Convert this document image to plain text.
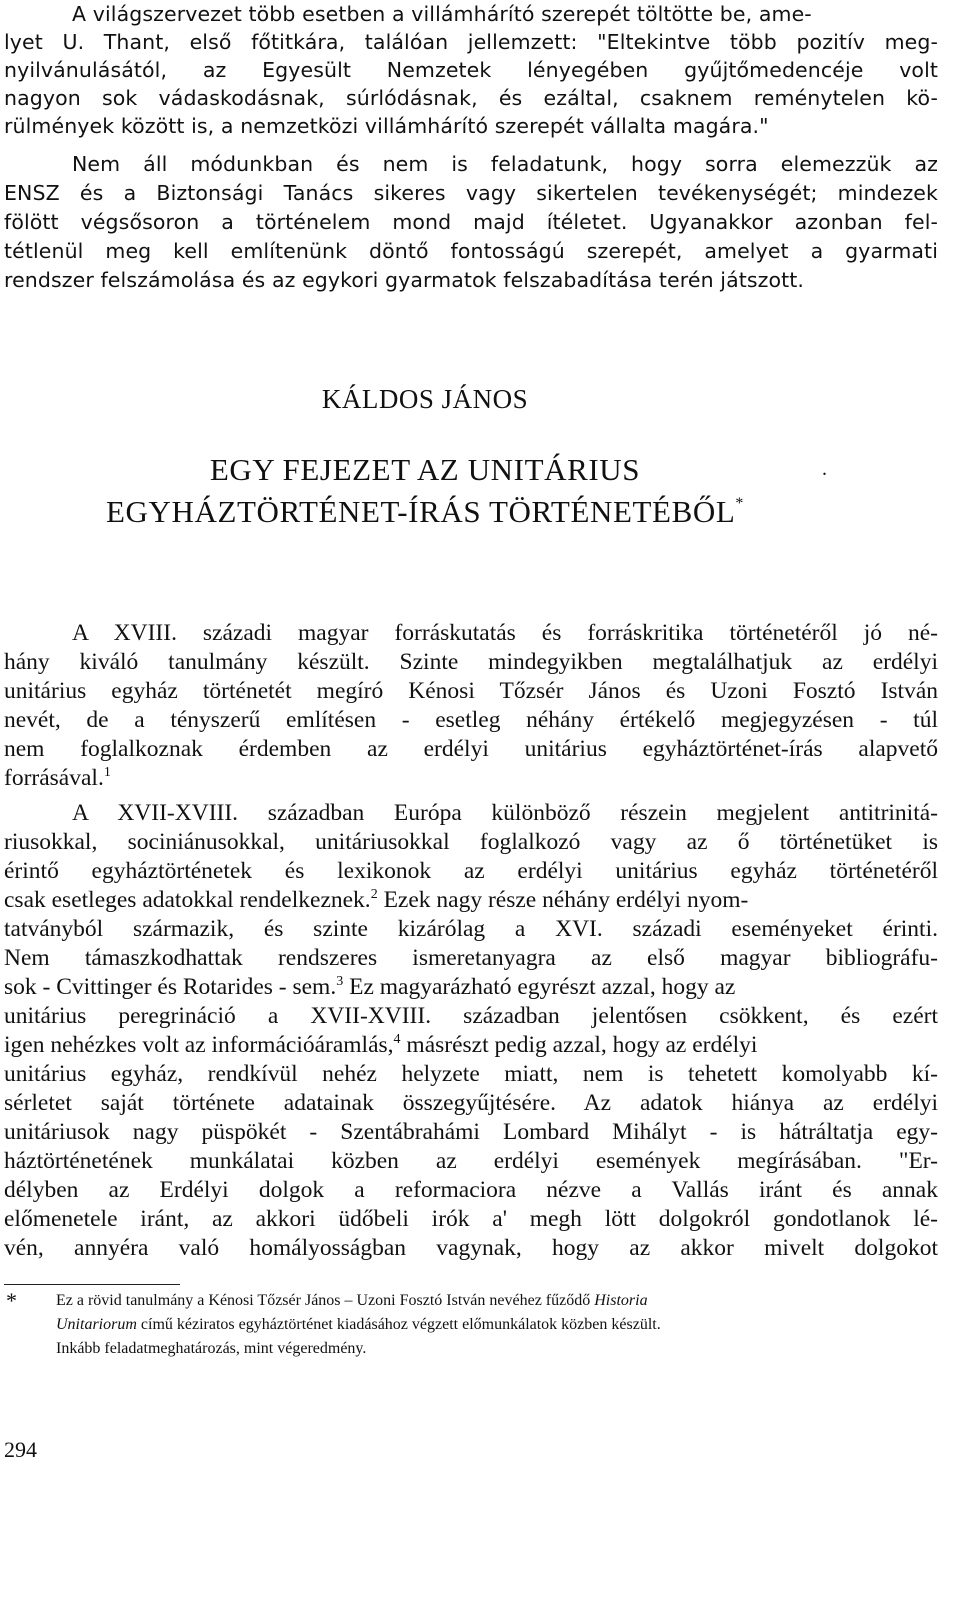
A világszervezet több esetben a villámhárító szerepét töltötte be, ame-
lyet U. Thant, első főtitkára, találóan jellemzett: "Eltekintve több pozitív meg-
nyilvánulásától, az Egyesült Nemzetek lényegében gyűjtőmedencéje volt
nagyon sok vádaskodásnak, súrlódásnak, és ezáltal, csaknem reménytelen kö-
rülmények között is, a nemzetközi villámhárító szerepét vállalta magára."
Nem áll módunkban és nem is feladatunk, hogy sorra elemezzük az
ENSZ és a Biztonsági Tanács sikeres vagy sikertelen tevékenységét; mindezek
fölött végsősoron a történelem mond majd ítéletet. Ugyanakkor azonban fel-
tétlenül meg kell említenünk döntő fontosságú szerepét, amelyet a gyarmati
rendszer felszámolása és az egykori gyarmatok felszabadítása terén játszott.
KÁLDOS JÁNOS
EGY FEJEZET AZ UNITÁRIUS	.
EGYHÁZTÖRTÉNET-ÍRÁS TÖRTÉNETÉBŐL*
A XVIII. századi magyar forráskutatás és forráskritika történetéről jó né-
hány kiváló tanulmány készült. Szinte mindegyikben megtalálhatjuk az erdélyi
unitárius egyház történetét megíró Kénosi Tőzsér János és Uzoni Fosztó István
nevét, de a tényszerű említésen - esetleg néhány értékelő megjegyzésen - túl
nem foglalkoznak érdemben az erdélyi unitárius egyháztörténet-írás alapvető
forrásával.$^1$
A XVII-XVIII. században Európa különböző részein megjelent antitrinitá-
riusokkal, sociniánusokkal, unitáriusokkal foglalkozó vagy az ő történetüket is
érintő egyháztörténetek és lexikonok az erdélyi unitárius egyház történetéről
csak esetleges adatokkal rendelkeznek.$^2$ Ezek nagy része néhány erdélyi nyom-
tatványból származik, és szinte kizárólag a XVI. századi eseményeket érinti.
Nem támaszkodhattak rendszeres ismeretanyagra az első magyar bibliográfu-
sok - Cvittinger és Rotarides - sem.$^3$ Ez magyarázható egyrészt azzal, hogy az
unitárius peregrináció a XVII-XVIII. században jelentősen csökkent, és ezért
igen nehézkes volt az információáramlás,$^4$ másrészt pedig azzal, hogy az erdélyi
unitárius egyház, rendkívül nehéz helyzete miatt, nem is tehetett komolyabb kí-
sérletet saját története adatainak összegyűjtésére. Az adatok hiánya az erdélyi
unitáriusok nagy püspökét - Szentábrahámi Lombard Mihályt - is hátráltatja egy-
háztörténetének munkálatai közben az erdélyi események megírásában. "Er-
délyben az Erdélyi dolgok a reformaciora nézve a Vallás iránt és annak
előmenetele iránt, az akkori üdőbeli irók a' megh lött dolgokról gondotlanok lé-
vén, annyéra való homályosságban vagynak, hogy az akkor mivelt dolgokot
* Ez a rövid tanulmány a Kénosi Tőzsér János – Uzoni Fosztó István nevéhez fűződő Historia
Unitariorum című kéziratos egyháztörténet kiadásához végzett előmunkálatok közben készült.
Inkább feladatmeghatározás, mint végeredmény.
294
